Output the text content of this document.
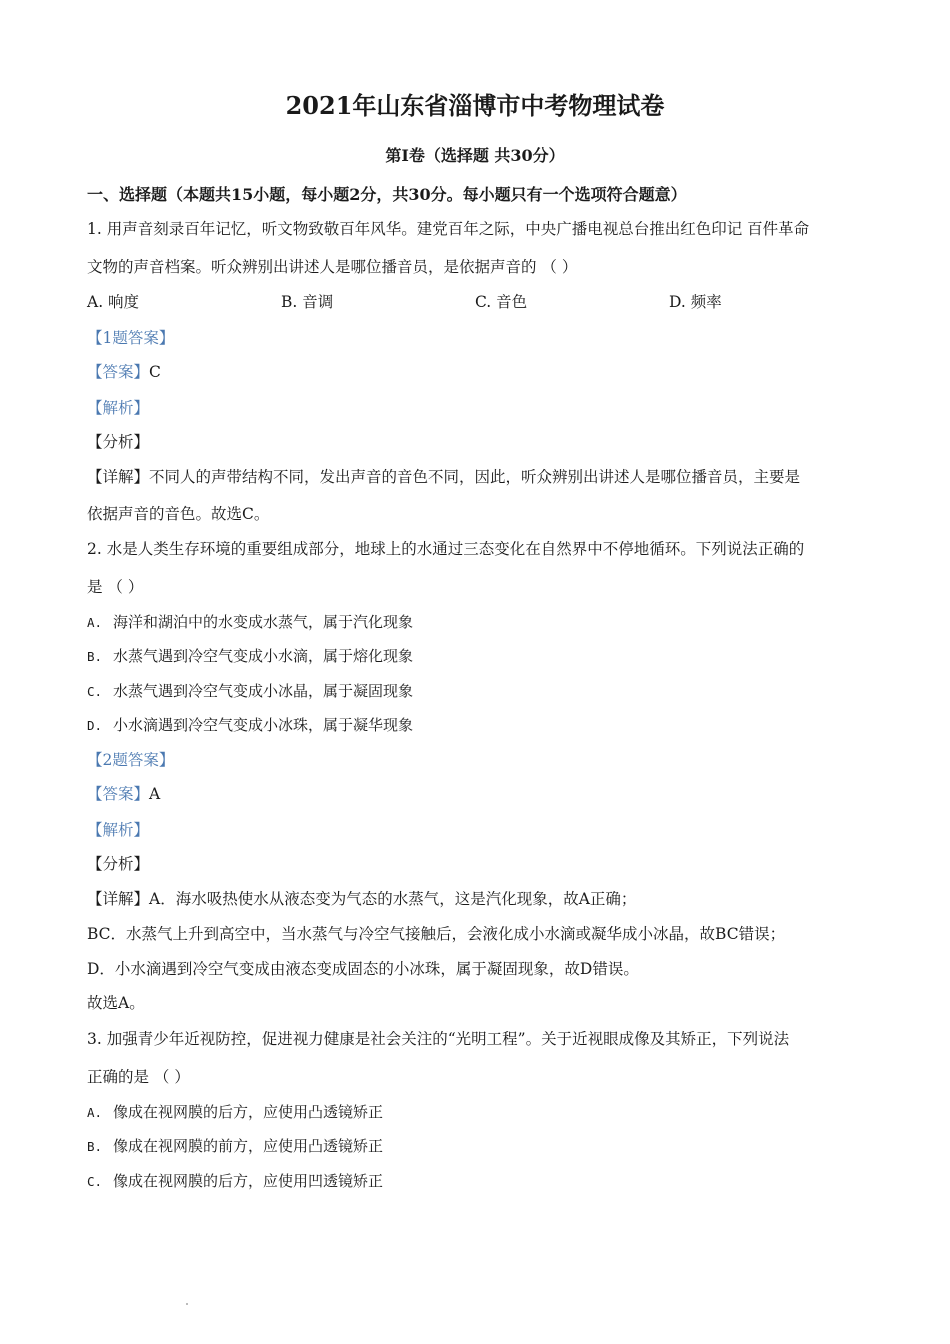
2021年山东省淄博市中考物理试卷
第I卷（选择题 共30分）
一、选择题（本题共15小题，每小题2分，共30分。每小题只有一个选项符合题意）
1. 用声音刻录百年记忆，听文物致敬百年风华。建党百年之际，中央广播电视总台推出红色印记 百件革命
文物的声音档案。听众辨别出讲述人是哪位播音员，是依据声音的 （ ）
A. 响度	B. 音调	C. 音色	D. 频率
【1题答案】
【答案】C
【解析】
【分析】
【详解】不同人的声带结构不同，发出声音的音色不同，因此，听众辨别出讲述人是哪位播音员，主要是
依据声音的音色。故选C。
2. 水是人类生存环境的重要组成部分，地球上的水通过三态变化在自然界中不停地循环。下列说法正确的
是 （ ）
A. 海洋和湖泊中的水变成水蒸气，属于汽化现象
B. 水蒸气遇到冷空气变成小水滴，属于熔化现象
C. 水蒸气遇到冷空气变成小冰晶，属于凝固现象
D. 小水滴遇到冷空气变成小冰珠，属于凝华现象
【2题答案】
【答案】A
【解析】
【分析】
【详解】A．海水吸热使水从液态变为气态的水蒸气，这是汽化现象，故A正确；
BC．水蒸气上升到高空中，当水蒸气与冷空气接触后，会液化成小水滴或凝华成小冰晶，故BC错误；
D．小水滴遇到冷空气变成由液态变成固态的小冰珠，属于凝固现象，故D错误。
故选A。
3. 加强青少年近视防控，促进视力健康是社会关注的“光明工程”。关于近视眼成像及其矫正，下列说法
正确的是 （ ）
A. 像成在视网膜的后方，应使用凸透镜矫正
B. 像成在视网膜的前方，应使用凸透镜矫正
C. 像成在视网膜的后方，应使用凹透镜矫正
